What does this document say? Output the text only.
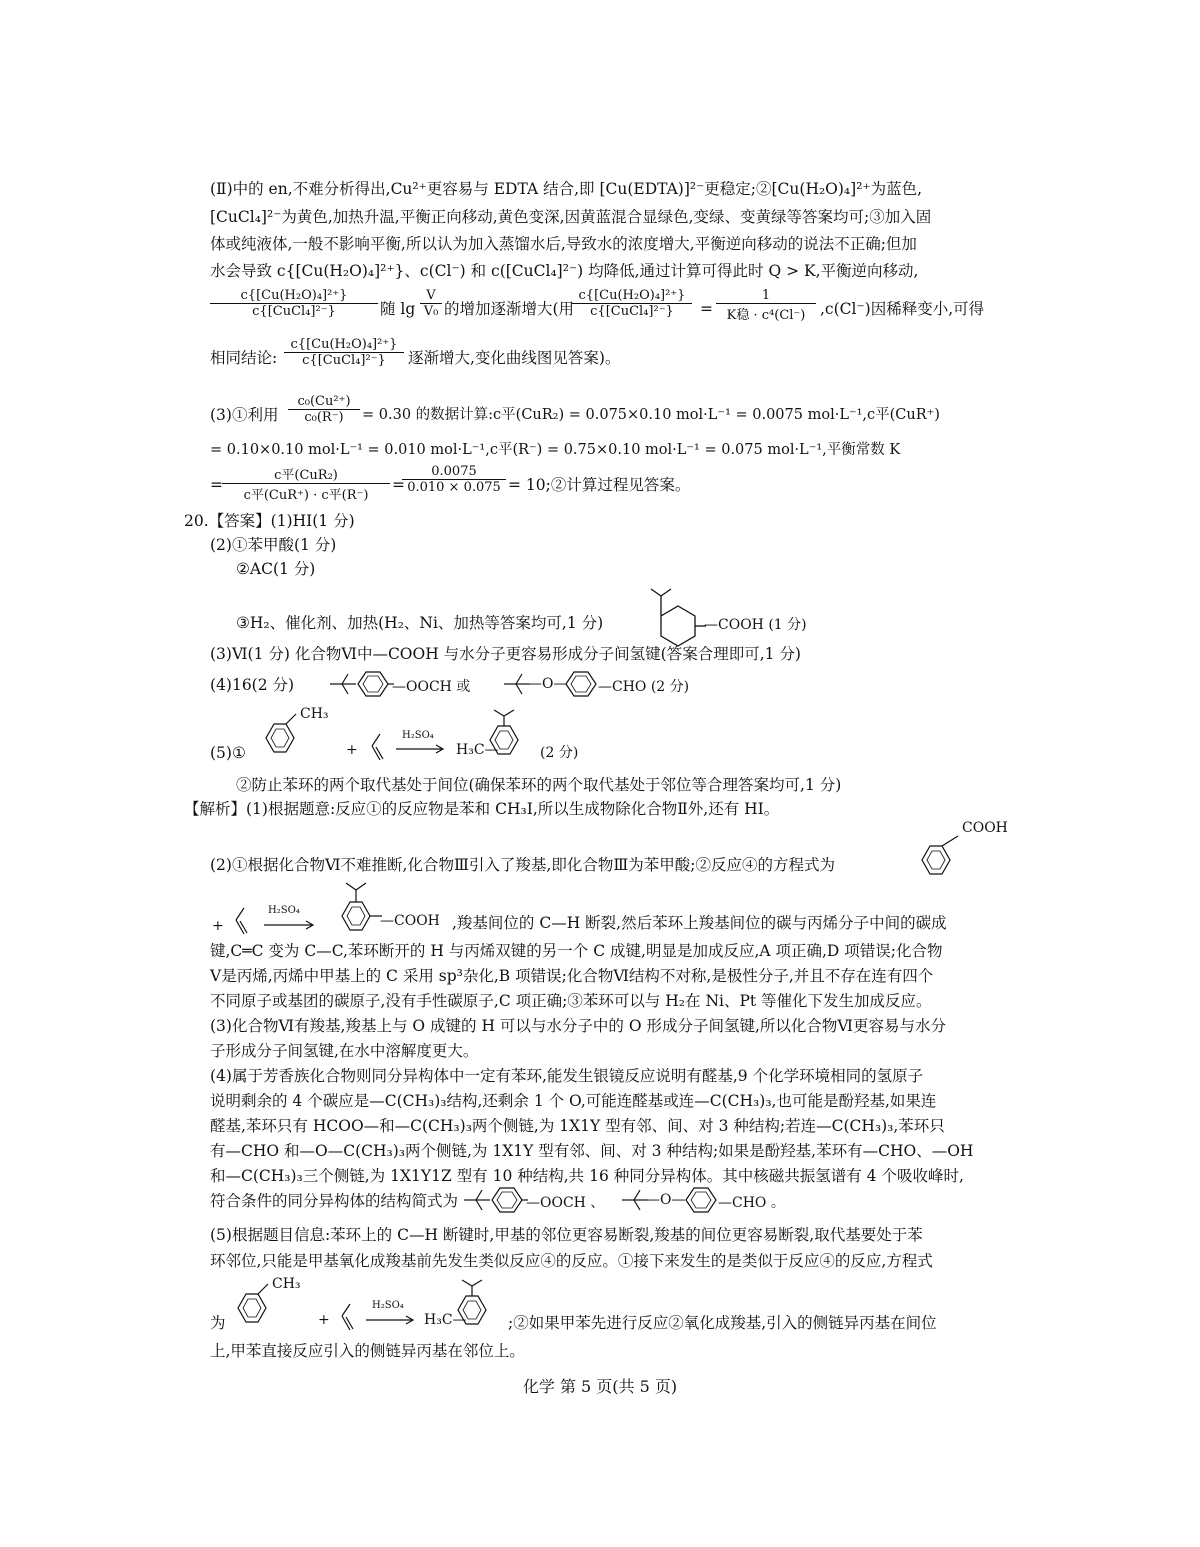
(Ⅱ)中的 en,不难分析得出,Cu²⁺更容易与 EDTA 结合,即 [Cu(EDTA)]²⁻更稳定;②[Cu(H₂O)₄]²⁺为蓝色,
[CuCl₄]²⁻为黄色,加热升温,平衡正向移动,黄色变深,因黄蓝混合显绿色,变绿、变黄绿等答案均可;③加入固
体或纯液体,一般不影响平衡,所以认为加入蒸馏水后,导致水的浓度增大,平衡逆向移动的说法不正确;但加
水会导致 c{[Cu(H₂O)₄]²⁺}、c(Cl⁻) 和 c([CuCl₄]²⁻) 均降低,通过计算可得此时 Q > K,平衡逆向移动,
c{[Cu(H₂O)₄]²⁺}
c{[CuCl₄]²⁻}	随 $\lg \frac{V}{\text{V₀}}$ 的增加逐渐增大(用
c{[Cu(H₂O)₄]²⁺}
c{[CuCl₄]²⁻}	=
1
K稳 · c⁴(Cl⁻) ,c(Cl⁻)因稀释变小,可得
相同结论:
c{[Cu(H₂O)₄]²⁺}
c{[CuCl₄]²⁻}	逐渐增大,变化曲线图见答案)。
(3)①利用 $\frac{\text{c₀(Cu²⁺)}}{\text{c₀(R⁻)}} = 0.30$ 的数据计算:c平(CuR₂) = 0.075×0.10 mol·L⁻¹ = 0.0075 mol·L⁻¹,c平(CuR⁺)
= 0.10×0.10 mol·L⁻¹ = 0.010 mol·L⁻¹,c平(R⁻) = 0.75×0.10 mol·L⁻¹ = 0.075 mol·L⁻¹,平衡常数 K
=
c平(CuR₂)
c平(CuR⁺) · c平(R⁻)
=
$\frac{0.0075}{0.010 \times 0.075}$ = 10;②计算过程见答案。
20.【答案】(1)HI(1 分)
(2)①苯甲酸(1 分)
②AC(1 分)
③H₂、催化剂、加热(H₂、Ni、加热等答案均可,1 分)	—COOH (1 分)
(3)Ⅵ(1 分) 化合物Ⅵ中—COOH 与水分子更容易形成分子间氢键(答案合理即可,1 分)
(4)16(2 分)	—OOCH 或	—O— —CHO (2 分)
(5)①
CH₃
+
H₂SO₄
→ H₃C—	(2 分)
②防止苯环的两个取代基处于间位(确保苯环的两个取代基处于邻位等合理答案均可,1 分)
【解析】(1)根据题意:反应①的反应物是苯和 CH₃I,所以生成物除化合物Ⅱ外,还有 HI。
COOH
(2)①根据化合物Ⅵ不难推断,化合物Ⅲ引入了羧基,即化合物Ⅲ为苯甲酸;②反应④的方程式为
+
H₂SO₄
—COOH ,羧基间位的 C—H 断裂,然后苯环上羧基间位的碳与丙烯分子中间的碳成
键,C═C 变为 C—C,苯环断开的 H 与丙烯双键的另一个 C 成键,明显是加成反应,A 项正确,D 项错误;化合物
Ⅴ是丙烯,丙烯中甲基上的 C 采用 sp³杂化,B 项错误;化合物Ⅵ结构不对称,是极性分子,并且不存在连有四个
不同原子或基团的碳原子,没有手性碳原子,C 项正确;③苯环可以与 H₂在 Ni、Pt 等催化下发生加成反应。
(3)化合物Ⅵ有羧基,羧基上与 O 成键的 H 可以与水分子中的 O 形成分子间氢键,所以化合物Ⅵ更容易与水分
子形成分子间氢键,在水中溶解度更大。
(4)属于芳香族化合物则同分异构体中一定有苯环,能发生银镜反应说明有醛基,9 个化学环境相同的氢原子
说明剩余的 4 个碳应是—C(CH₃)₃结构,还剩余 1 个 O,可能连醛基或连—C(CH₃)₃,也可能是酚羟基,如果连
醛基,苯环只有 HCOO—和—C(CH₃)₃两个侧链,为 1X1Y 型有邻、间、对 3 种结构;若连—C(CH₃)₃,苯环只
有—CHO 和—O—C(CH₃)₃两个侧链,为 1X1Y 型有邻、间、对 3 种结构;如果是酚羟基,苯环有—CHO、—OH
和—C(CH₃)₃三个侧链,为 1X1Y1Z 型有 10 种结构,共 16 种同分异构体。其中核磁共振氢谱有 4 个吸收峰时,
符合条件的同分异构体的结构简式为	—OOCH 、	—O— —CHO 。
(5)根据题目信息:苯环上的 C—H 断键时,甲基的邻位更容易断裂,羧基的间位更容易断裂,取代基要处于苯
环邻位,只能是甲基氧化成羧基前先发生类似反应④的反应。①接下来发生的是类似于反应④的反应,方程式
CH₃
为	+
H₂SO₄
→ H₃C—	;②如果甲苯先进行反应②氧化成羧基,引入的侧链异丙基在间位
上,甲苯直接反应引入的侧链异丙基在邻位上。
化学 第 5 页(共 5 页)
